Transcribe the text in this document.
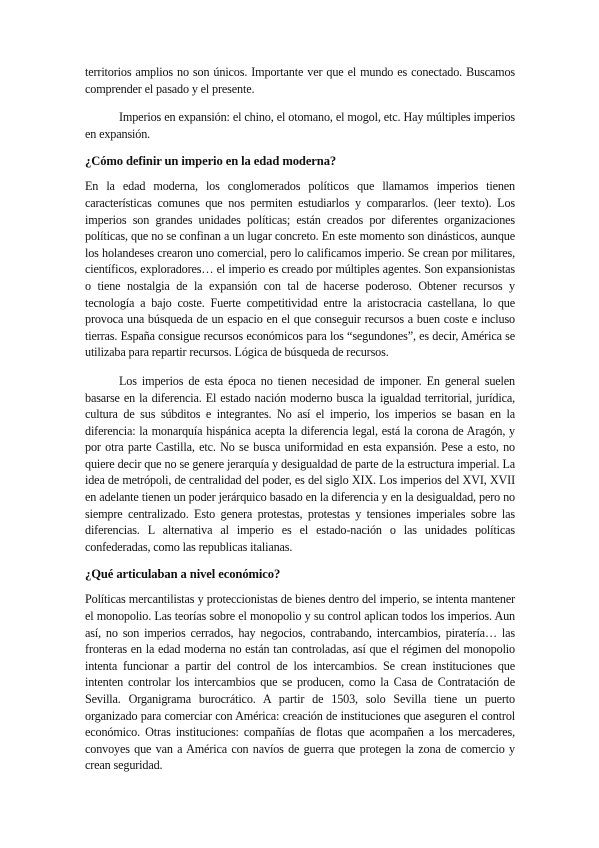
territorios amplios no son únicos. Importante ver que el mundo es conectado. Buscamos comprender el pasado y el presente.

Imperios en expansión: el chino, el otomano, el mogol, etc. Hay múltiples imperios en expansión.

¿Cómo definir un imperio en la edad moderna?

En la edad moderna, los conglomerados políticos que llamamos imperios tienen características comunes que nos permiten estudiarlos y compararlos. (leer texto). Los imperios son grandes unidades políticas; están creados por diferentes organizaciones políticas, que no se confinan a un lugar concreto. En este momento son dinásticos, aunque los holandeses crearon uno comercial, pero lo calificamos imperio. Se crean por militares, científicos, exploradores… el imperio es creado por múltiples agentes. Son expansionistas o tiene nostalgia de la expansión con tal de hacerse poderoso. Obtener recursos y tecnología a bajo coste. Fuerte competitividad entre la aristocracia castellana, lo que provoca una búsqueda de un espacio en el que conseguir recursos a buen coste e incluso tierras. España consigue recursos económicos para los “segundones”, es decir, América se utilizaba para repartir recursos. Lógica de búsqueda de recursos.

Los imperios de esta época no tienen necesidad de imponer. En general suelen basarse en la diferencia. El estado nación moderno busca la igualdad territorial, jurídica, cultura de sus súbditos e integrantes. No así el imperio, los imperios se basan en la diferencia: la monarquía hispánica acepta la diferencia legal, está la corona de Aragón, y por otra parte Castilla, etc. No se busca uniformidad en esta expansión. Pese a esto, no quiere decir que no se genere jerarquía y desigualdad de parte de la estructura imperial. La idea de metrópoli, de centralidad del poder, es del siglo XIX. Los imperios del XVI, XVII en adelante tienen un poder jerárquico basado en la diferencia y en la desigualdad, pero no siempre centralizado. Esto genera protestas, protestas y tensiones imperiales sobre las diferencias. L alternativa al imperio es el estado-nación o las unidades políticas confederadas, como las republicas italianas.

¿Qué articulaban a nivel económico?

Políticas mercantilistas y proteccionistas de bienes dentro del imperio, se intenta mantener el monopolio. Las teorías sobre el monopolio y su control aplican todos los imperios. Aun así, no son imperios cerrados, hay negocios, contrabando, intercambios, piratería… las fronteras en la edad moderna no están tan controladas, así que el régimen del monopolio intenta funcionar a partir del control de los intercambios. Se crean instituciones que intenten controlar los intercambios que se producen, como la Casa de Contratación de Sevilla. Organigrama burocrático. A partir de 1503, solo Sevilla tiene un puerto organizado para comerciar con América: creación de instituciones que aseguren el control económico. Otras instituciones: compañías de flotas que acompañen a los mercaderes, convoyes que van a América con navíos de guerra que protegen la zona de comercio y crean seguridad.
